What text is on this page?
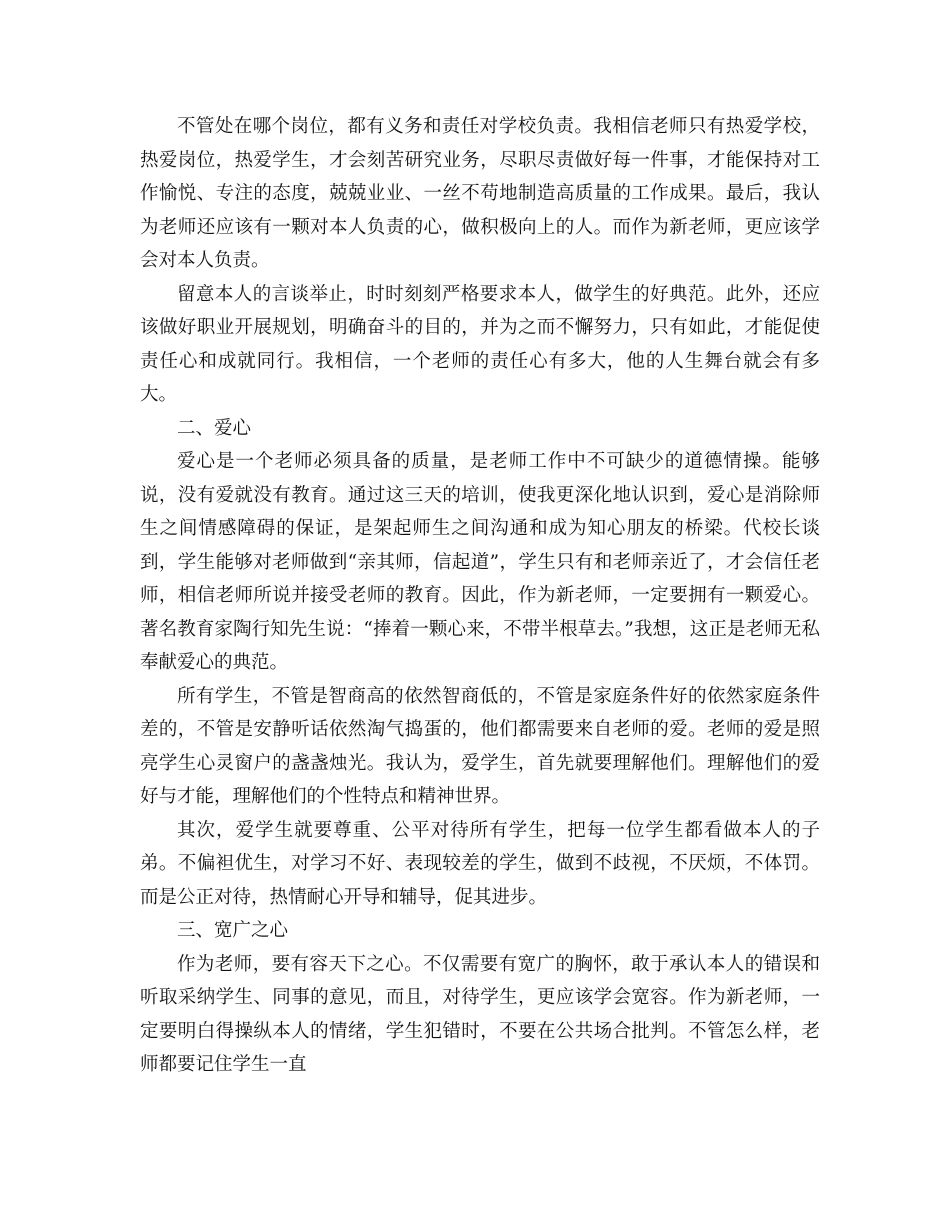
不管处在哪个岗位，都有义务和责任对学校负责。我相信老师只有热爱学校，热爱岗位，热爱学生，才会刻苦研究业务，尽职尽责做好每一件事，才能保持对工作愉悦、专注的态度，兢兢业业、一丝不苟地制造高质量的工作成果。最后，我认为老师还应该有一颗对本人负责的心，做积极向上的人。而作为新老师，更应该学会对本人负责。

留意本人的言谈举止，时时刻刻严格要求本人，做学生的好典范。此外，还应该做好职业开展规划，明确奋斗的目的，并为之而不懈努力，只有如此，才能促使责任心和成就同行。我相信，一个老师的责任心有多大，他的人生舞台就会有多大。

二、爱心

爱心是一个老师必须具备的质量，是老师工作中不可缺少的道德情操。能够说，没有爱就没有教育。通过这三天的培训，使我更深化地认识到，爱心是消除师生之间情感障碍的保证，是架起师生之间沟通和成为知心朋友的桥梁。代校长谈到，学生能够对老师做到“亲其师，信起道”，学生只有和老师亲近了，才会信任老师，相信老师所说并接受老师的教育。因此，作为新老师，一定要拥有一颗爱心。著名教育家陶行知先生说：“捧着一颗心来，不带半根草去。”我想，这正是老师无私奉献爱心的典范。

所有学生，不管是智商高的依然智商低的，不管是家庭条件好的依然家庭条件差的，不管是安静听话依然淘气捣蛋的，他们都需要来自老师的爱。老师的爱是照亮学生心灵窗户的盏盏烛光。我认为，爱学生，首先就要理解他们。理解他们的爱好与才能，理解他们的个性特点和精神世界。

其次，爱学生就要尊重、公平对待所有学生，把每一位学生都看做本人的子弟。不偏袒优生，对学习不好、表现较差的学生，做到不歧视，不厌烦，不体罚。而是公正对待，热情耐心开导和辅导，促其进步。

三、宽广之心

作为老师，要有容天下之心。不仅需要有宽广的胸怀，敢于承认本人的错误和听取采纳学生、同事的意见，而且，对待学生，更应该学会宽容。作为新老师，一定要明白得操纵本人的情绪，学生犯错时，不要在公共场合批判。不管怎么样，老师都要记住学生一直
